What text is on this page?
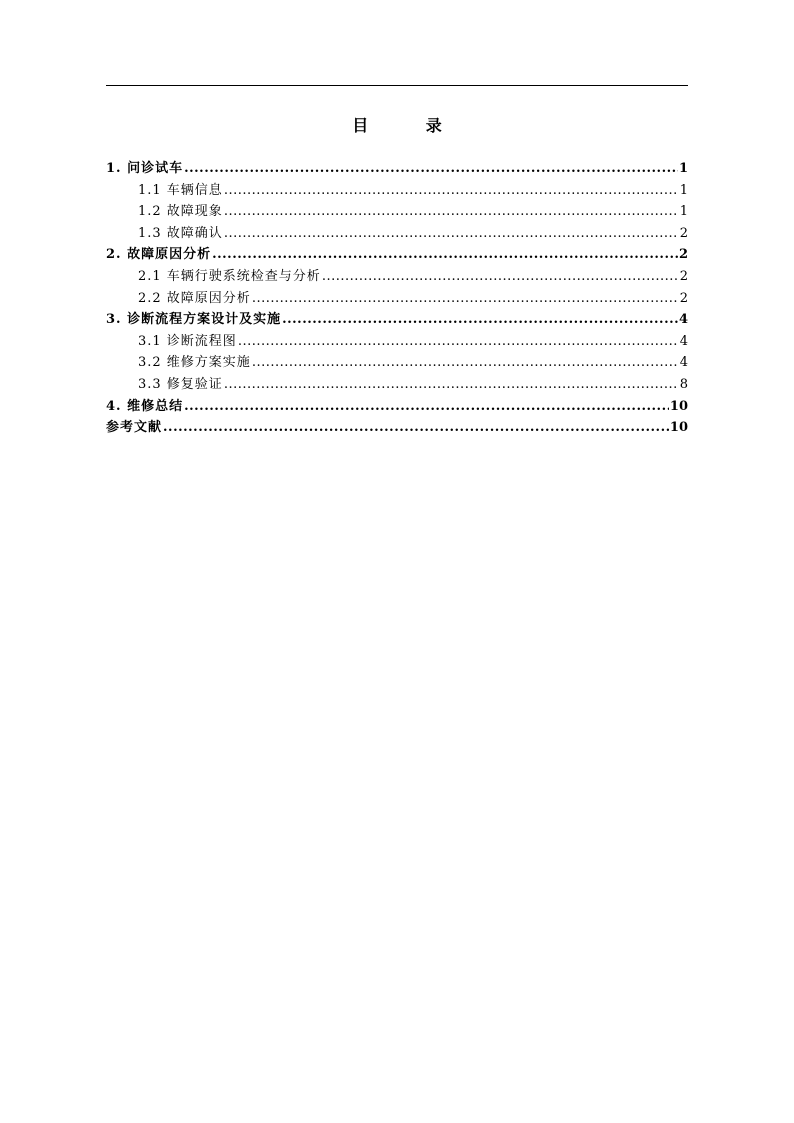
目 录
1. 问诊试车 .....	1
1.1 车辆信息 .....	1
1.2 故障现象 .....	1
1.3 故障确认 .....	2
2. 故障原因分析 .....	2
2.1 车辆行驶系统检查与分析 .....	2
2.2 故障原因分析 .....	2
3. 诊断流程方案设计及实施 .....	4
3.1 诊断流程图 .....	4
3.2 维修方案实施 .....	4
3.3 修复验证 .....	8
4. 维修总结 .....	10
参考文献 .....	10
